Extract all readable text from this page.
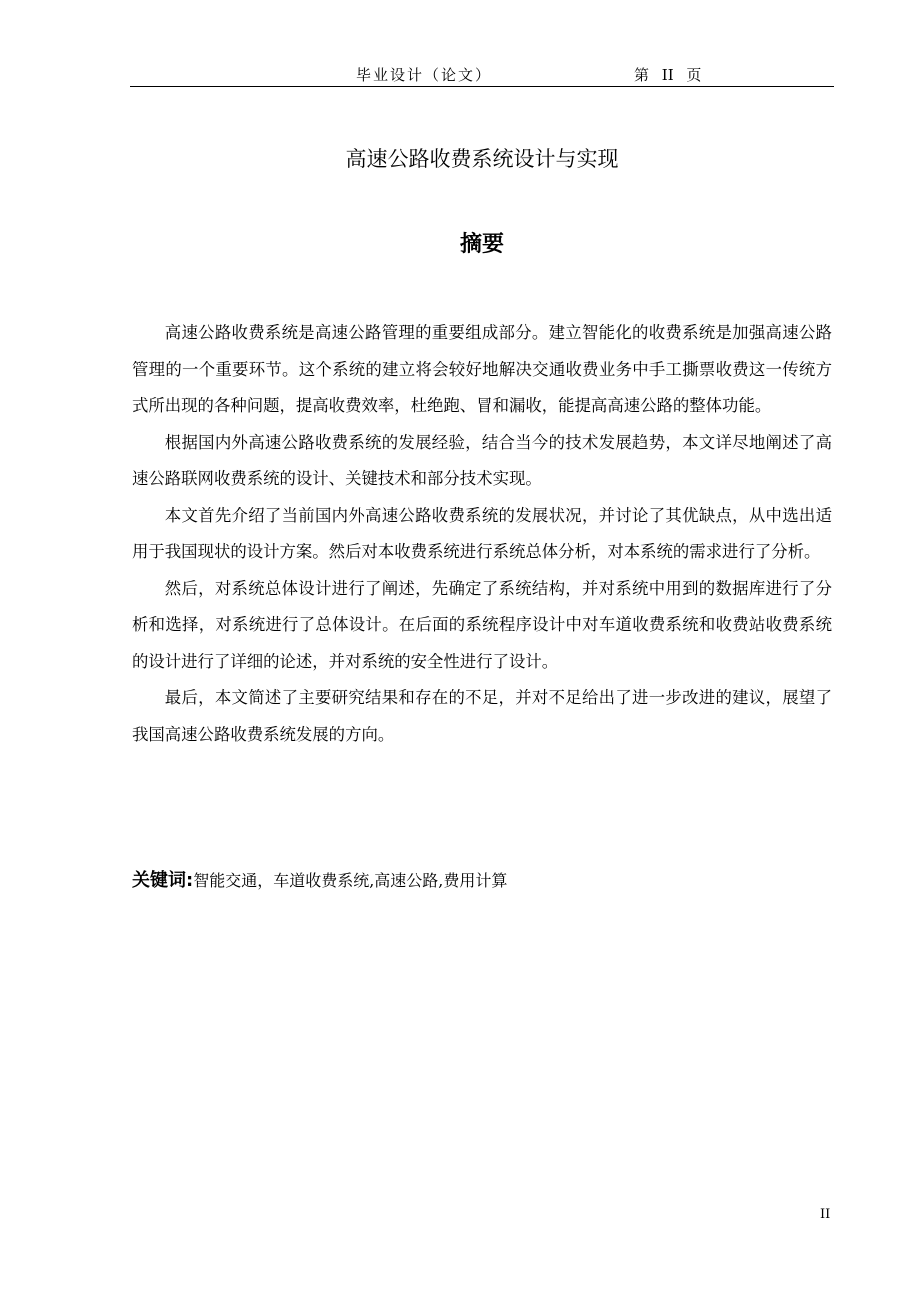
毕业设计（论文）	第 II 页
高速公路收费系统设计与实现
摘要

高速公路收费系统是高速公路管理的重要组成部分。建立智能化的收费系统是加强高速公路管理的一个重要环节。这个系统的建立将会较好地解决交通收费业务中手工撕票收费这一传统方式所出现的各种问题，提高收费效率，杜绝跑、冒和漏收，能提高高速公路的整体功能。

根据国内外高速公路收费系统的发展经验，结合当今的技术发展趋势，本文详尽地阐述了高速公路联网收费系统的设计、关键技术和部分技术实现。

本文首先介绍了当前国内外高速公路收费系统的发展状况，并讨论了其优缺点，从中选出适用于我国现状的设计方案。然后对本收费系统进行系统总体分析，对本系统的需求进行了分析。

然后，对系统总体设计进行了阐述，先确定了系统结构，并对系统中用到的数据库进行了分析和选择，对系统进行了总体设计。在后面的系统程序设计中对车道收费系统和收费站收费系统的设计进行了详细的论述，并对系统的安全性进行了设计。

最后，本文简述了主要研究结果和存在的不足，并对不足给出了进一步改进的建议，展望了我国高速公路收费系统发展的方向。

关键词:智能交通，车道收费系统,高速公路,费用计算
II
